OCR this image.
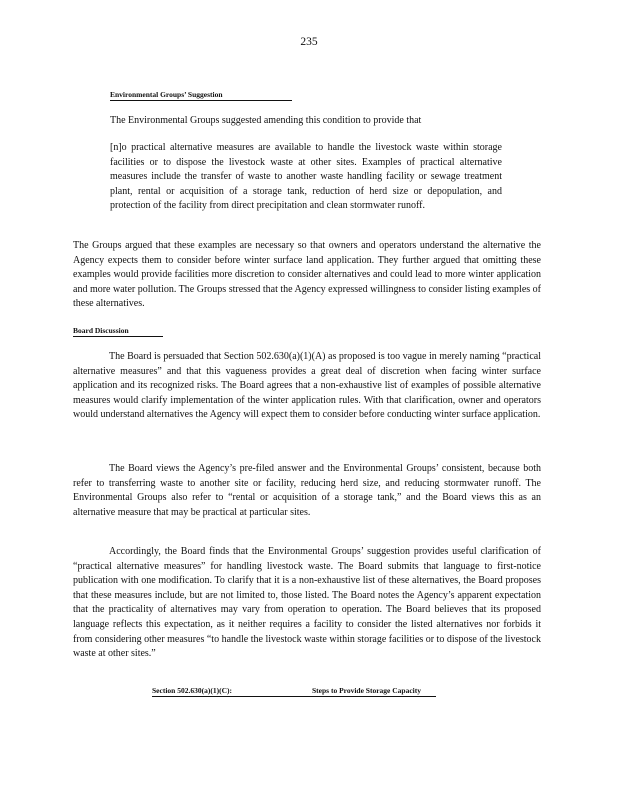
235
Environmental Groups’ Suggestion
The Environmental Groups suggested amending this condition to provide that
[n]o practical alternative measures are available to handle the livestock waste within storage facilities or to dispose the livestock waste at other sites. Examples of practical alternative measures include the transfer of waste to another waste handling facility or sewage treatment plant, rental or acquisition of a storage tank, reduction of herd size or depopulation, and protection of the facility from direct precipitation and clean stormwater runoff.
The Groups argued that these examples are necessary so that owners and operators understand the alternative the Agency expects them to consider before winter surface land application. They further argued that omitting these examples would provide facilities more discretion to consider alternatives and could lead to more winter application and more water pollution. The Groups stressed that the Agency expressed willingness to consider listing examples of these alternatives.
Board Discussion
The Board is persuaded that Section 502.630(a)(1)(A) as proposed is too vague in merely naming “practical alternative measures” and that this vagueness provides a great deal of discretion when facing winter surface application and its recognized risks. The Board agrees that a non-exhaustive list of examples of possible alternative measures would clarify implementation of the winter application rules. With that clarification, owner and operators would understand alternatives the Agency will expect them to consider before conducting winter surface application.
The Board views the Agency’s pre-filed answer and the Environmental Groups’ consistent, because both refer to transferring waste to another site or facility, reducing herd size, and reducing stormwater runoff. The Environmental Groups also refer to “rental or acquisition of a storage tank,” and the Board views this as an alternative measure that may be practical at particular sites.
Accordingly, the Board finds that the Environmental Groups’ suggestion provides useful clarification of “practical alternative measures” for handling livestock waste. The Board submits that language to first-notice publication with one modification. To clarify that it is a non-exhaustive list of these alternatives, the Board proposes that these measures include, but are not limited to, those listed. The Board notes the Agency’s apparent expectation that the practicality of alternatives may vary from operation to operation. The Board believes that its proposed language reflects this expectation, as it neither requires a facility to consider the listed alternatives nor forbids it from considering other measures “to handle the livestock waste within storage facilities or to dispose of the livestock waste at other sites.”
Section 502.630(a)(1)(C):	Steps to Provide Storage Capacity
